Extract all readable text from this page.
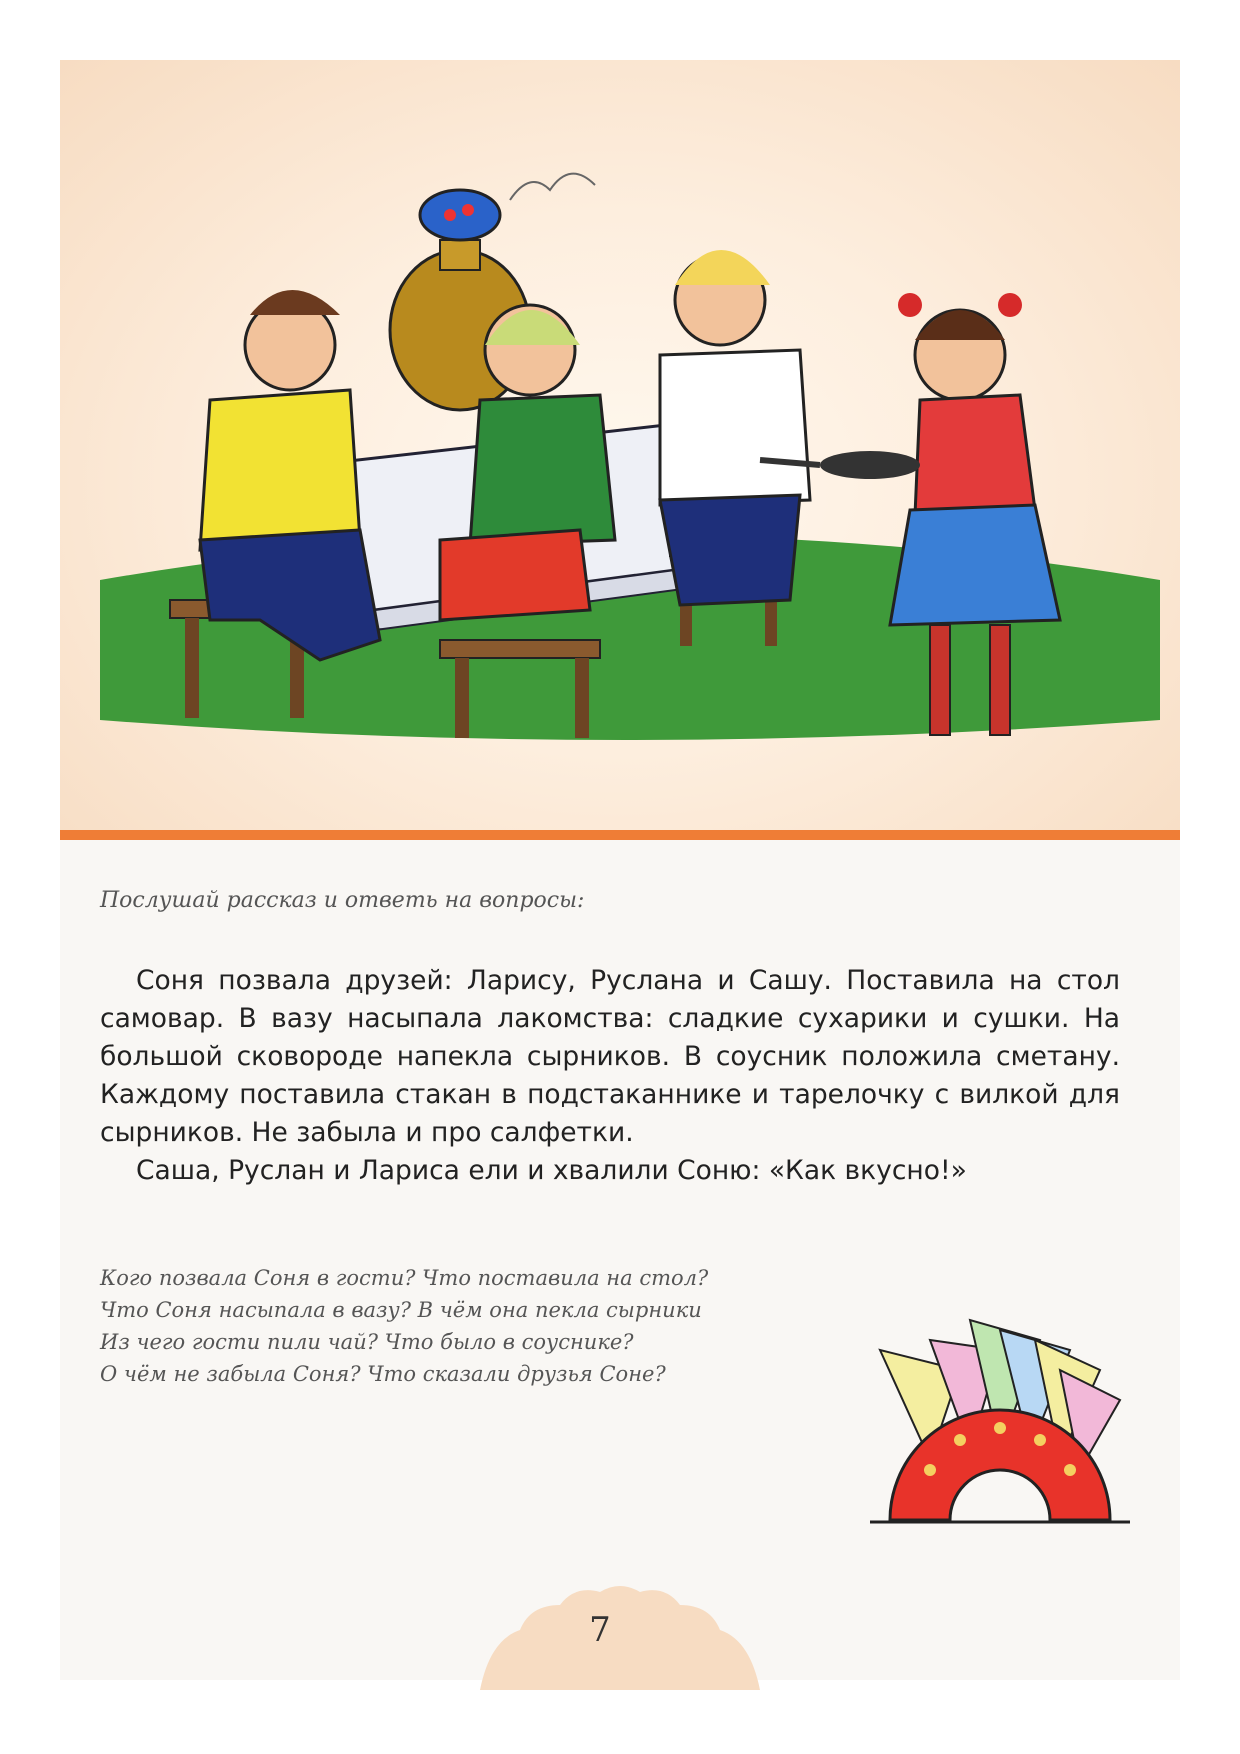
Послушай рассказ и ответь на вопросы:

Соня позвала друзей: Ларису, Руслана и Сашу. Поставила на стол самовар. В вазу насыпала лакомства: сладкие сухарики и сушки. На большой сковороде напекла сырников. В соусник положила сметану. Каждому поставила стакан в подстаканнике и тарелочку с вилкой для сырников. Не забыла и про салфетки.

Саша, Руслан и Лариса ели и хвалили Соню: «Как вкусно!»

Кого позвала Соня в гости? Что поставила на стол?
Что Соня насыпала в вазу? В чём она пекла сырники
Из чего гости пили чай? Что было в соуснике?
О чём не забыла Соня? Что сказали друзья Соне?
7
